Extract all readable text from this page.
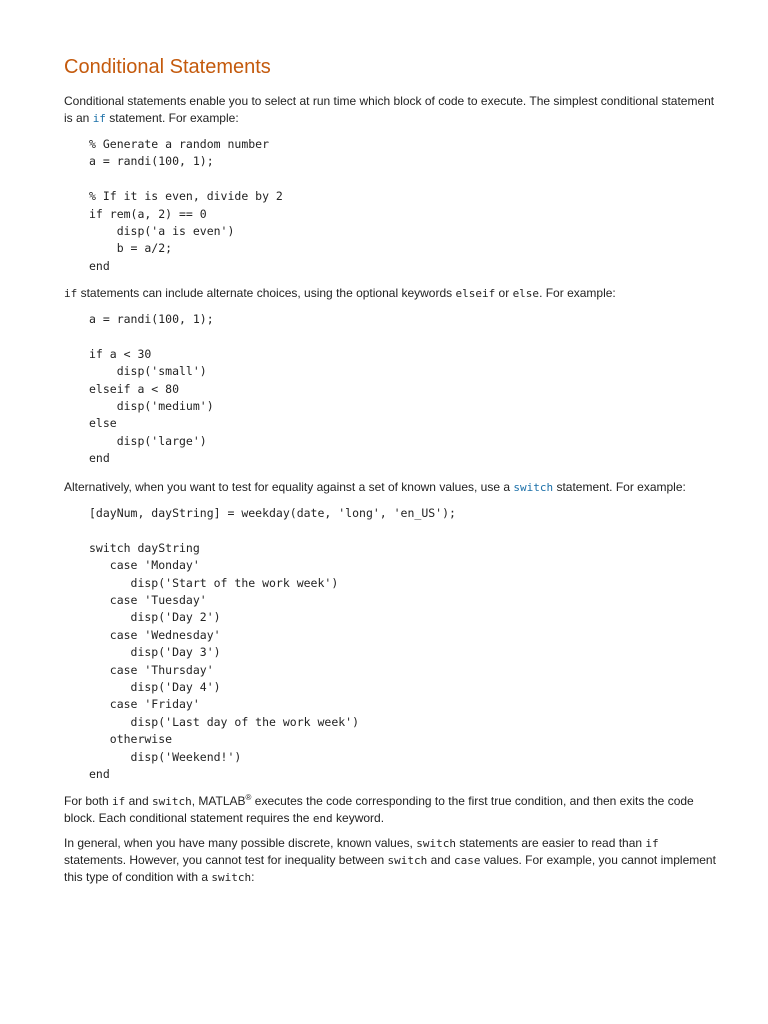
Conditional Statements
Conditional statements enable you to select at run time which block of code to execute. The simplest conditional statement is an if statement. For example:
% Generate a random number
a = randi(100, 1);

% If it is even, divide by 2
if rem(a, 2) == 0
disp('a is even')
b = a/2;
end
if statements can include alternate choices, using the optional keywords elseif or else. For example:
a = randi(100, 1);

if a < 30
disp('small')
elseif a < 80
disp('medium')
else
disp('large')
end
Alternatively, when you want to test for equality against a set of known values, use a switch statement. For example:
[dayNum, dayString] = weekday(date, 'long', 'en_US');

switch dayString
case 'Monday'
disp('Start of the work week')
case 'Tuesday'
disp('Day 2')
case 'Wednesday'
disp('Day 3')
case 'Thursday'
disp('Day 4')
case 'Friday'
disp('Last day of the work week')
otherwise
disp('Weekend!')
end
For both if and switch, MATLAB® executes the code corresponding to the first true condition, and then exits the code block. Each conditional statement requires the end keyword.
In general, when you have many possible discrete, known values, switch statements are easier to read than if statements. However, you cannot test for inequality between switch and case values. For example, you cannot implement this type of condition with a switch:
